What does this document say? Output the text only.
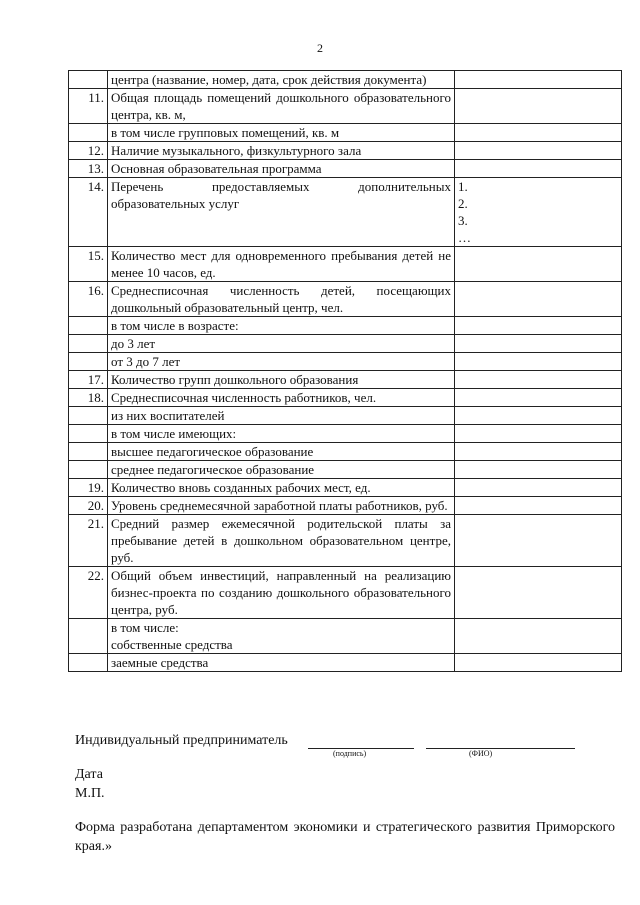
2
	центра (название, номер, дата, срок действия документа)	
11.	Общая площадь помещений дошкольного образовательного центра, кв. м,	
	в том числе групповых помещений, кв. м	
12.	Наличие музыкального, физкультурного зала	
13.	Основная образовательная программа	
14.	Перечень предоставляемых дополнительных образовательных услуг	1.
2.
3.
…

15.	Количество мест для одновременного пребывания детей не менее 10 часов, ед.	
16.	Среднесписочная численность детей, посещающих дошкольный образовательный центр, чел.	
	в том числе в возрасте:	
	до 3 лет	
	от 3 до 7 лет	
17.	Количество групп дошкольного образования	
18.	Среднесписочная численность работников, чел.	
	из них воспитателей	
	в том числе имеющих:	
	высшее педагогическое образование	
	среднее педагогическое образование	
19.	Количество вновь созданных рабочих мест, ед.	
20.	Уровень среднемесячной заработной платы работников, руб.	
21.	Средний размер ежемесячной родительской платы за пребывание детей в дошкольном образовательном центре, руб.	
22.	Общий объем инвестиций, направленный на реализацию бизнес-проекта по созданию дошкольного образовательного центра, руб.	
	в том числе:
собственные средства	
	заемные средства	
Индивидуальный предприниматель
(подпись)	(ФИО)
Дата
М.П.
Форма разработана департаментом экономики и стратегического развития Приморского края.»
